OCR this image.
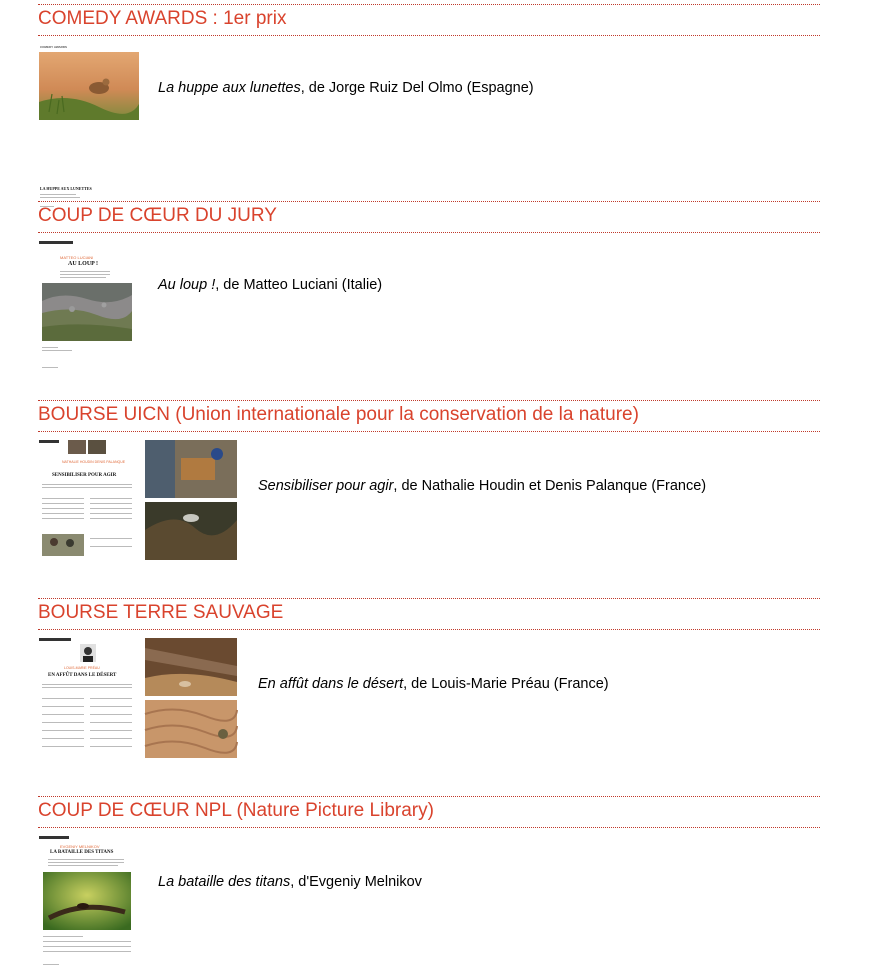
COMEDY AWARDS : 1er prix
COMEDY AWARDS
LA HUPPE AUX LUNETTES
La huppe aux lunettes, de Jorge Ruiz Del Olmo (Espagne)
COUP DE CŒUR DU JURY
MATTEO LUCIANI
AU LOUP !
Au loup !, de Matteo Luciani (Italie)
BOURSE UICN (Union internationale pour la conservation de la nature)
NATHALIE HOUDIN DENIS PALANQUE
SENSIBILISER POUR AGIR
Sensibiliser pour agir, de Nathalie Houdin et Denis Palanque (France)
BOURSE TERRE SAUVAGE
LOUIS-MARIE PRÉAU
EN AFFÛT DANS LE DÉSERT
En affût dans le désert, de Louis-Marie Préau (France)
COUP DE CŒUR NPL (Nature Picture Library)
EVGENIY MELNIKOV
LA BATAILLE DES TITANS
La bataille des titans, d'Evgeniy Melnikov
